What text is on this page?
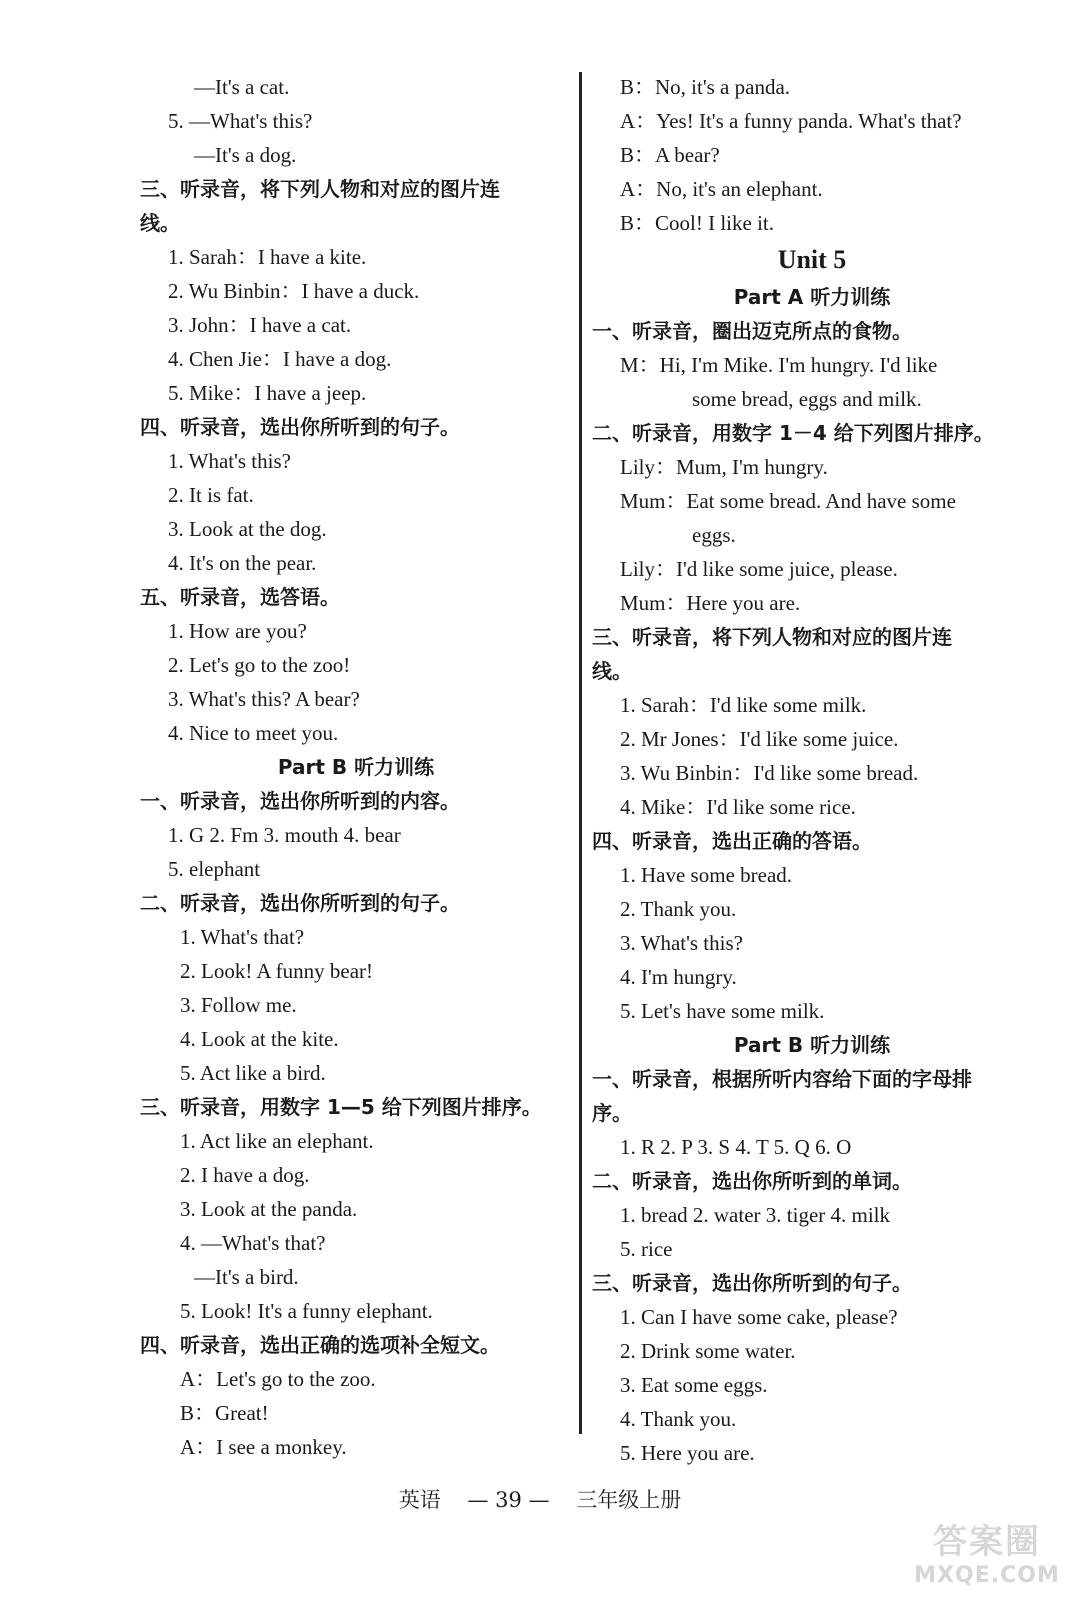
—It's a cat.
5. —What's this?
—It's a dog.
三、听录音，将下列人物和对应的图片连
线。
1. Sarah：I have a kite.
2. Wu Binbin：I have a duck.
3. John：I have a cat.
4. Chen Jie：I have a dog.
5. Mike：I have a jeep.
四、听录音，选出你所听到的句子。
1. What's this?
2. It is fat.
3. Look at the dog.
4. It's on the pear.
五、听录音，选答语。
1. How are you?
2. Let's go to the zoo!
3. What's this? A bear?
4. Nice to meet you.
Part B 听力训练
一、听录音，选出你所听到的内容。
1. G 2. Fm 3. mouth 4. bear
5. elephant
二、听录音，选出你所听到的句子。
1. What's that?
2. Look! A funny bear!
3. Follow me.
4. Look at the kite.
5. Act like a bird.
三、听录音，用数字 1—5 给下列图片排序。
1. Act like an elephant.
2. I have a dog.
3. Look at the panda.
4. —What's that?
—It's a bird.
5. Look! It's a funny elephant.
四、听录音，选出正确的选项补全短文。
A：Let's go to the zoo.
B：Great!
A：I see a monkey.
B：No, it's a panda.
A：Yes! It's a funny panda. What's that?
B：A bear?
A：No, it's an elephant.
B：Cool! I like it.
Unit 5
Part A 听力训练
一、听录音，圈出迈克所点的食物。
M：Hi, I'm Mike. I'm hungry. I'd like
some bread, eggs and milk.
二、听录音，用数字 1－4 给下列图片排序。
Lily：Mum, I'm hungry.
Mum：Eat some bread. And have some
eggs.
Lily：I'd like some juice, please.
Mum：Here you are.
三、听录音，将下列人物和对应的图片连
线。
1. Sarah：I'd like some milk.
2. Mr Jones：I'd like some juice.
3. Wu Binbin：I'd like some bread.
4. Mike：I'd like some rice.
四、听录音，选出正确的答语。
1. Have some bread.
2. Thank you.
3. What's this?
4. I'm hungry.
5. Let's have some milk.
Part B 听力训练
一、听录音，根据所听内容给下面的字母排
序。
1. R 2. P 3. S 4. T 5. Q 6. O
二、听录音，选出你所听到的单词。
1. bread 2. water 3. tiger 4. milk
5. rice
三、听录音，选出你所听到的句子。
1. Can I have some cake, please?
2. Drink some water.
3. Eat some eggs.
4. Thank you.
5. Here you are.
英语 — 39 — 三年级上册
答案圈
MXQE.COM
